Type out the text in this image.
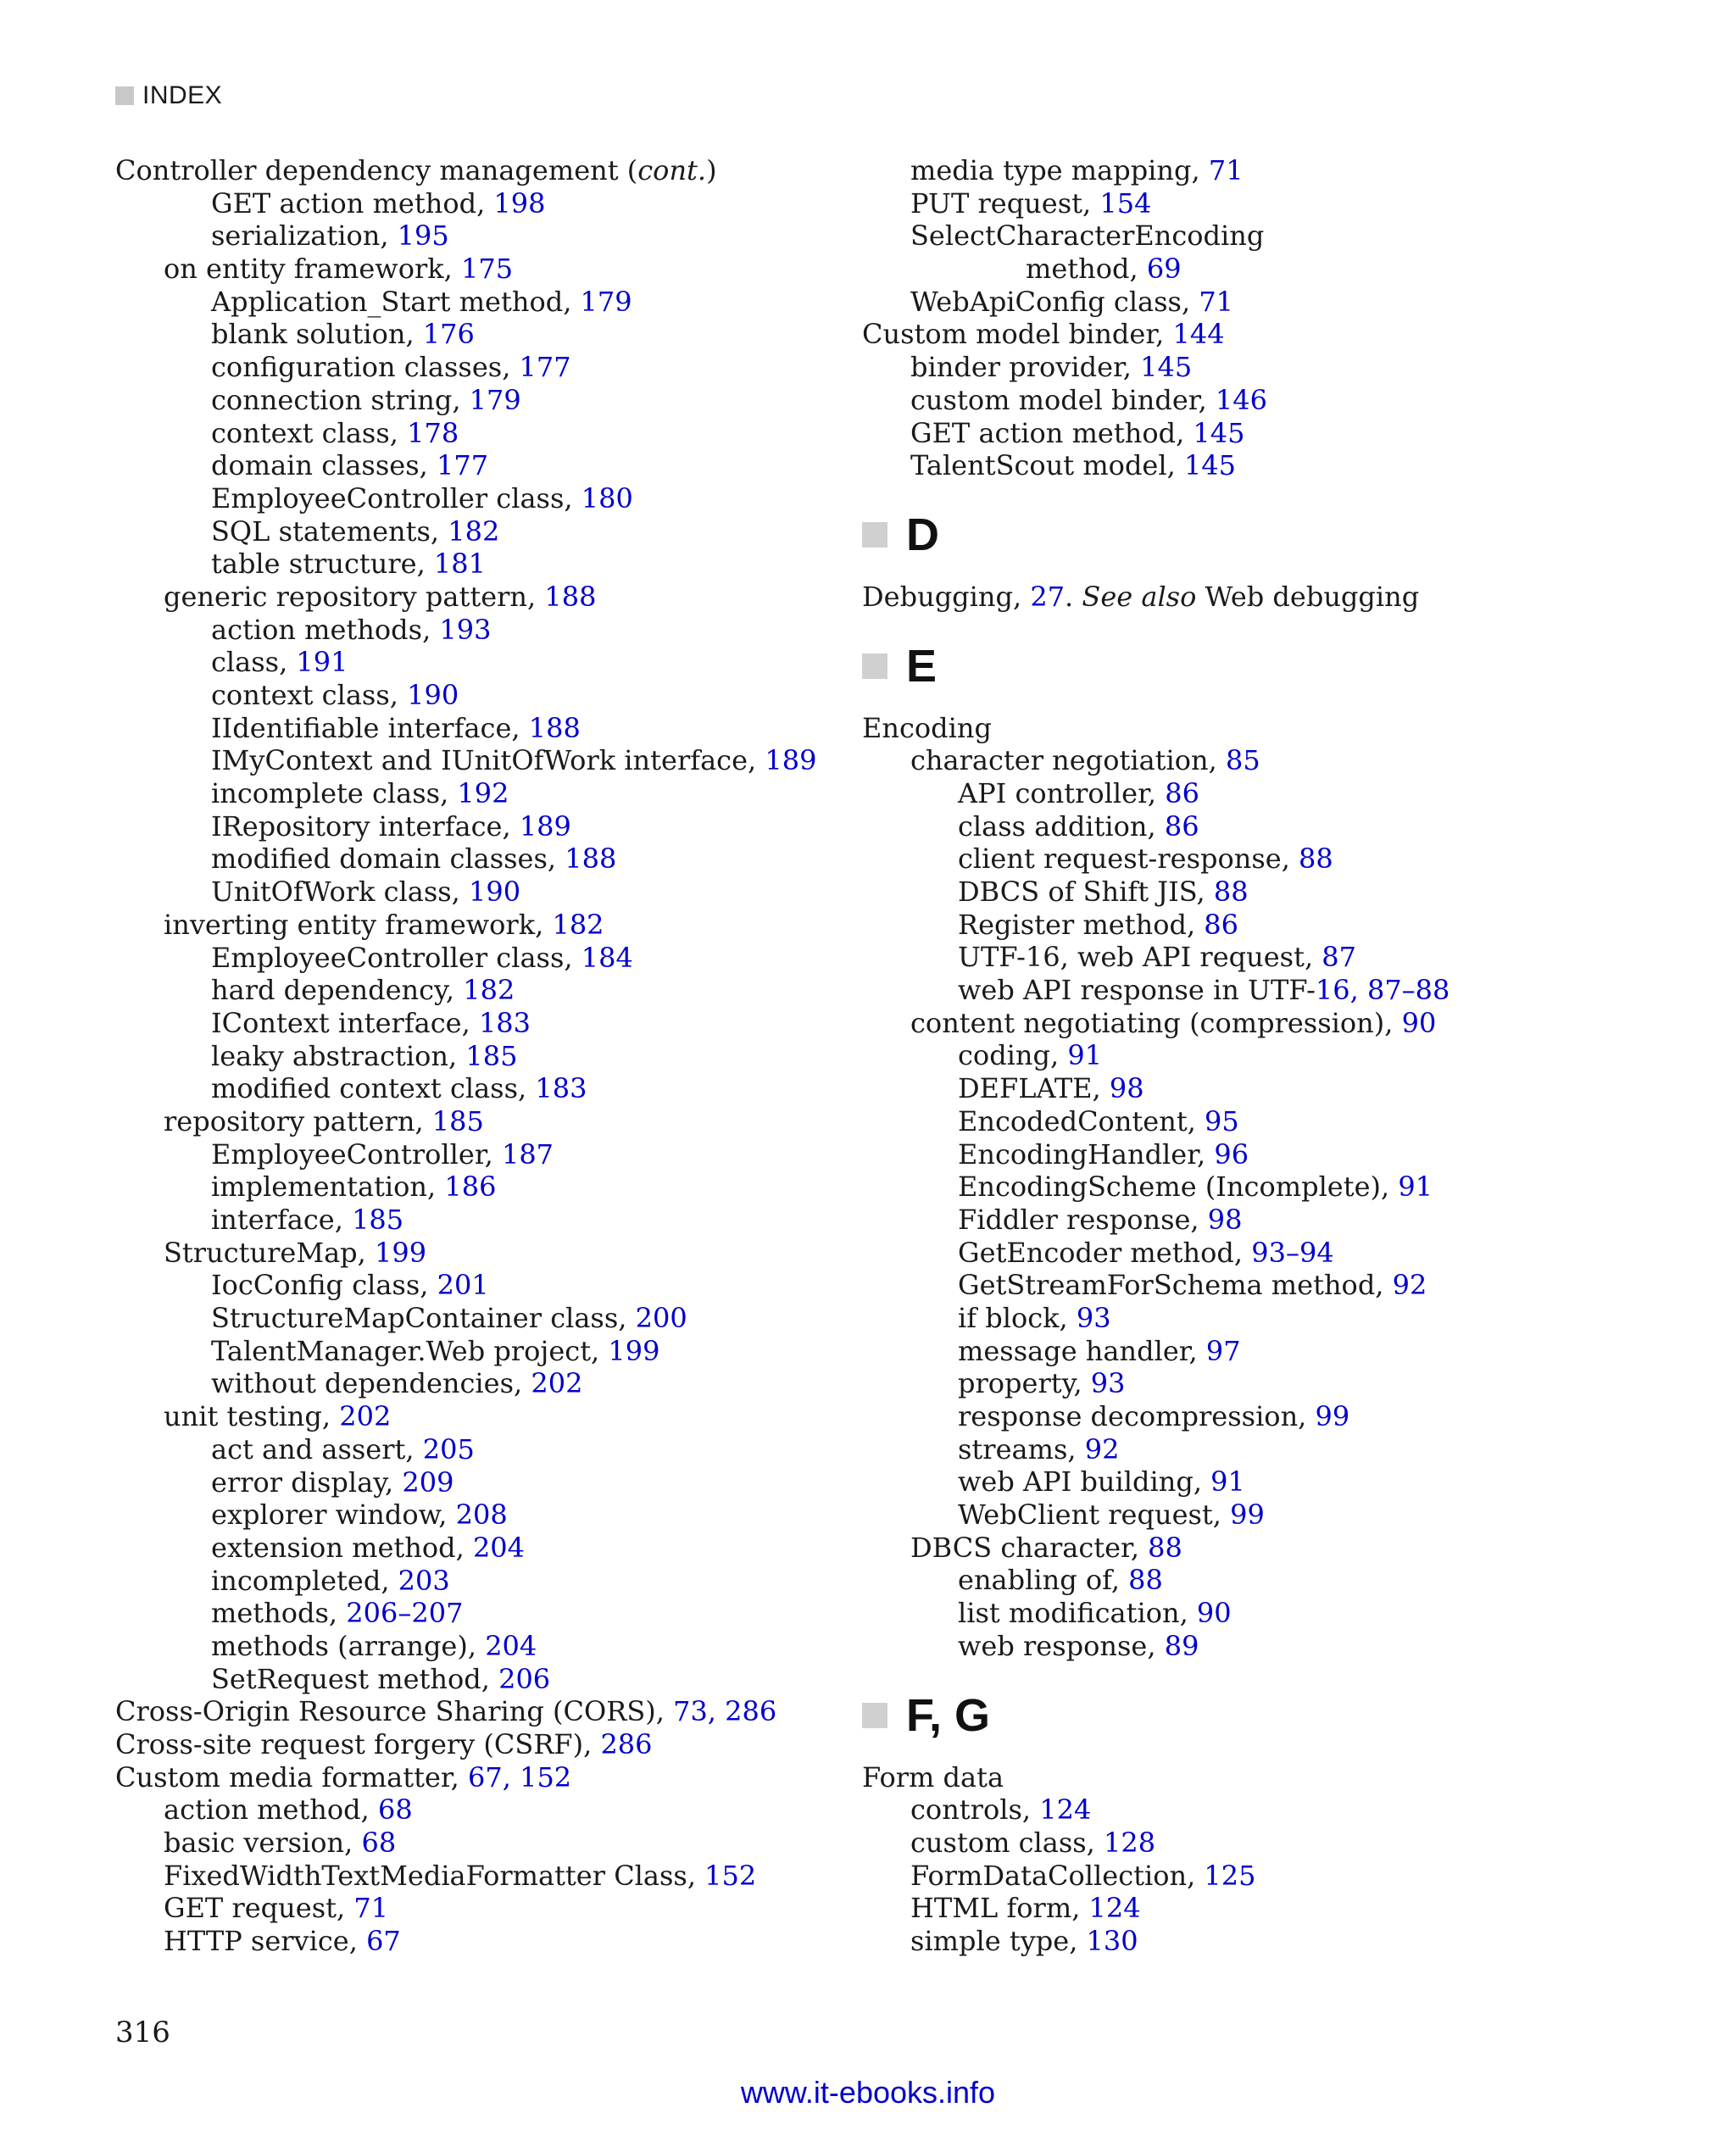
INDEX
Controller dependency management (cont.)
GET action method, 198
serialization, 195
on entity framework, 175
Application_Start method, 179
blank solution, 176
configuration classes, 177
connection string, 179
context class, 178
domain classes, 177
EmployeeController class, 180
SQL statements, 182
table structure, 181
generic repository pattern, 188
action methods, 193
class, 191
context class, 190
IIdentifiable interface, 188
IMyContext and IUnitOfWork interface, 189
incomplete class, 192
IRepository interface, 189
modified domain classes, 188
UnitOfWork class, 190
inverting entity framework, 182
EmployeeController class, 184
hard dependency, 182
IContext interface, 183
leaky abstraction, 185
modified context class, 183
repository pattern, 185
EmployeeController, 187
implementation, 186
interface, 185
StructureMap, 199
IocConfig class, 201
StructureMapContainer class, 200
TalentManager.Web project, 199
without dependencies, 202
unit testing, 202
act and assert, 205
error display, 209
explorer window, 208
extension method, 204
incompleted, 203
methods, 206–207
methods (arrange), 204
SetRequest method, 206
Cross-Origin Resource Sharing (CORS), 73, 286
Cross-site request forgery (CSRF), 286
Custom media formatter, 67, 152
action method, 68
basic version, 68
FixedWidthTextMediaFormatter Class, 152
GET request, 71
HTTP service, 67
media type mapping, 71
PUT request, 154
SelectCharacterEncoding
method, 69
WebApiConfig class, 71
Custom model binder, 144
binder provider, 145
custom model binder, 146
GET action method, 145
TalentScout model, 145
D
Debugging, 27. See also Web debugging
E
Encoding
character negotiation, 85
API controller, 86
class addition, 86
client request-response, 88
DBCS of Shift JIS, 88
Register method, 86
UTF-16, web API request, 87
web API response in UTF-16, 87–88
content negotiating (compression), 90
coding, 91
DEFLATE, 98
EncodedContent, 95
EncodingHandler, 96
EncodingScheme (Incomplete), 91
Fiddler response, 98
GetEncoder method, 93–94
GetStreamForSchema method, 92
if block, 93
message handler, 97
property, 93
response decompression, 99
streams, 92
web API building, 91
WebClient request, 99
DBCS character, 88
enabling of, 88
list modification, 90
web response, 89
F, G
Form data
controls, 124
custom class, 128
FormDataCollection, 125
HTML form, 124
simple type, 130
316
www.it-ebooks.info
